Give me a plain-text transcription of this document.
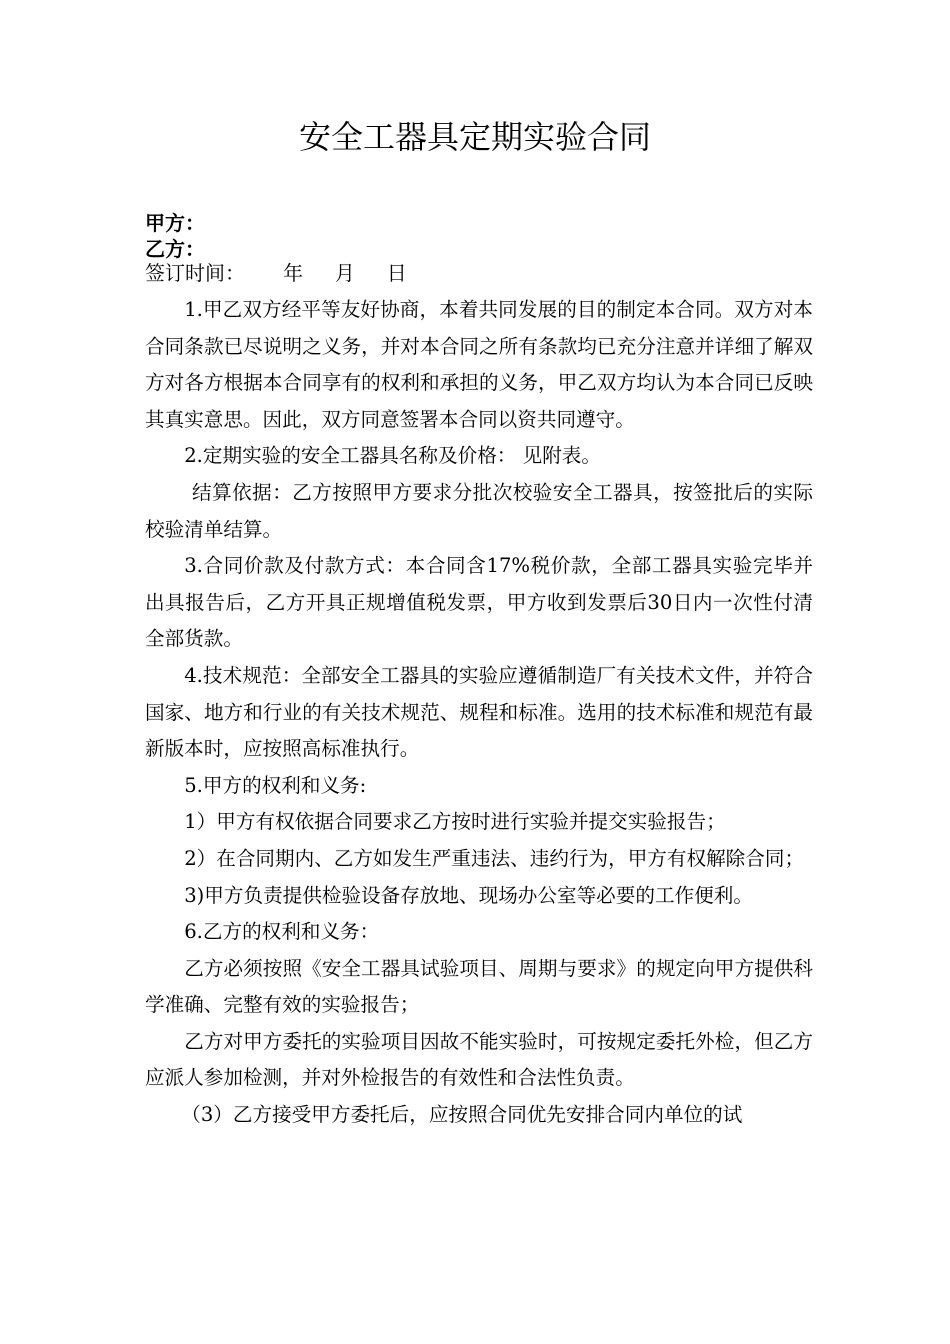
安全工器具定期实验合同
甲方：
乙方：
签订时间：      年     月     日

1.甲乙双方经平等友好协商，本着共同发展的目的制定本合同。双方对本合同条款已尽说明之义务，并对本合同之所有条款均已充分注意并详细了解双方对各方根据本合同享有的权利和承担的义务，甲乙双方均认为本合同已反映其真实意思。因此，双方同意签署本合同以资共同遵守。

2.定期实验的安全工器具名称及价格： 见附表。

结算依据：乙方按照甲方要求分批次校验安全工器具，按签批后的实际校验清单结算。

3.合同价款及付款方式：本合同含17%税价款，全部工器具实验完毕并出具报告后，乙方开具正规增值税发票，甲方收到发票后30日内一次性付清全部货款。

4.技术规范：全部安全工器具的实验应遵循制造厂有关技术文件，并符合国家、地方和行业的有关技术规范、规程和标准。选用的技术标准和规范有最新版本时，应按照高标准执行。

5.甲方的权利和义务:

1）甲方有权依据合同要求乙方按时进行实验并提交实验报告；

2）在合同期内、乙方如发生严重违法、违约行为，甲方有权解除合同；

3)甲方负责提供检验设备存放地、现场办公室等必要的工作便利。

6.乙方的权利和义务：

乙方必须按照《安全工器具试验项目、周期与要求》的规定向甲方提供科学准确、完整有效的实验报告；

乙方对甲方委托的实验项目因故不能实验时，可按规定委托外检，但乙方应派人参加检测，并对外检报告的有效性和合法性负责。

（3）乙方接受甲方委托后，应按照合同优先安排合同内单位的试
